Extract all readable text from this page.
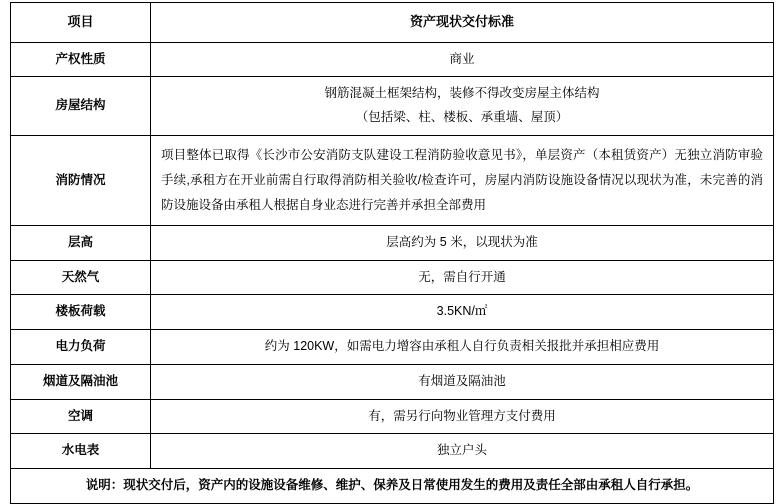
项目	资产现状交付标准
产权性质	商业
房屋结构	钢筋混凝土框架结构，装修不得改变房屋主体结构
（包括梁、柱、楼板、承重墙、屋顶）

消防情况	项目整体已取得《长沙市公安消防支队建设工程消防验收意见书》，单层资产（本租赁资产）无独立消防审验手续,承租方在开业前需自行取得消防相关验收/检查许可，房屋内消防设施设备情况以现状为准，未完善的消防设施设备由承租人根据自身业态进行完善并承担全部费用
层高	层高约为 5 米，以现状为准
天然气	无，需自行开通
楼板荷载	3.5KN/㎡
电力负荷	约为 120KW，如需电力增容由承租人自行负责相关报批并承担相应费用
烟道及隔油池	有烟道及隔油池
空调	有，需另行向物业管理方支付费用
水电表	独立户头
说明：现状交付后，资产内的设施设备维修、维护、保养及日常使用发生的费用及责任全部由承租人自行承担。	
